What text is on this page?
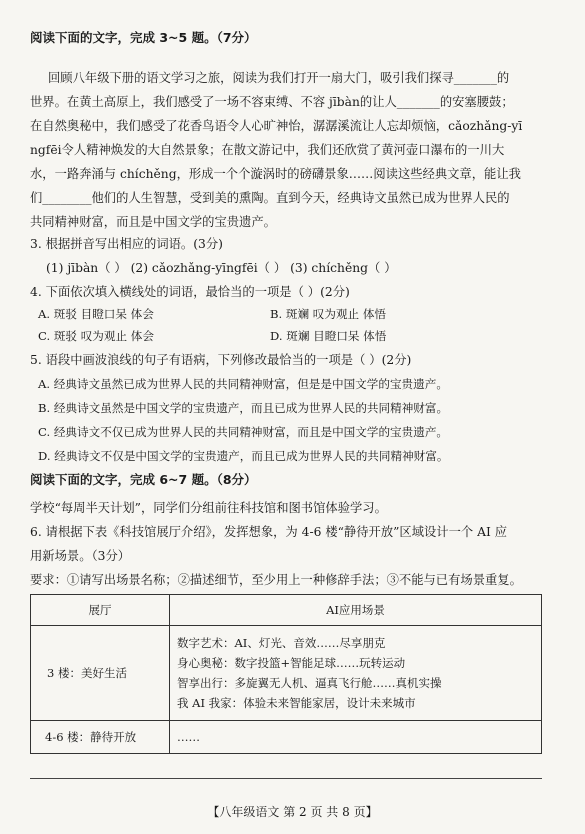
阅读下面的文字，完成 3~5 题。（7分）
回顾八年级下册的语文学习之旅，阅读为我们打开一扇大门，吸引我们探寻_______的
世界。在黄土高原上，我们感受了一场不容束缚、不容 jībàn的让人_______的安塞腰鼓；
在自然奥秘中，我们感受了花香鸟语令人心旷神怡，潺潺溪流让人忘却烦恼，cǎozhǎng-yī
ngfēi令人精神焕发的大自然景象；在散文游记中，我们还欣赏了黄河壶口瀑布的一川大
水，一路奔涌与 chíchěng，形成一个个漩涡时的磅礴景象……阅读这些经典文章，能让我
们________他们的人生智慧，受到美的熏陶。直到今天，经典诗文虽然已成为世界人民的
共同精神财富，而且是中国文学的宝贵遗产。
3. 根据拼音写出相应的词语。(3分)
(1) jībàn（ ） (2) cǎozhǎng-yīngfēi（ ） (3) chíchěng（ ）
4. 下面依次填入横线处的词语，最恰当的一项是（ ）(2分)
A. 斑驳 目瞪口呆 体会	B. 斑斓 叹为观止 体悟
C. 斑驳 叹为观止 体会	D. 斑斓 目瞪口呆 体悟
5. 语段中画波浪线的句子有语病，下列修改最恰当的一项是（ ）(2分)
A. 经典诗文虽然已成为世界人民的共同精神财富，但是是中国文学的宝贵遗产。
B. 经典诗文虽然是中国文学的宝贵遗产，而且已成为世界人民的共同精神财富。
C. 经典诗文不仅已成为世界人民的共同精神财富，而且是中国文学的宝贵遗产。
D. 经典诗文不仅是中国文学的宝贵遗产，而且已成为世界人民的共同精神财富。
阅读下面的文字，完成 6~7 题。（8分）
学校“每周半天计划”，同学们分组前往科技馆和图书馆体验学习。
6. 请根据下表《科技馆展厅介绍》，发挥想象，为 4-6 楼“静待开放”区域设计一个 AI 应
用新场景。（3分）
要求：①请写出场景名称；②描述细节，至少用上一种修辞手法；③不能与已有场景重复。
展厅	AI应用场景
3 楼：美好生活	数字艺术：AI、灯光、音效……尽享朋克
身心奥秘：数字投篮+智能足球……玩转运动
智享出行：多旋翼无人机、逼真飞行舱……真机实操
我 AI 我家：体验未来智能家居，设计未来城市

4-6 楼：静待开放	……
【八年级语文 第 2 页 共 8 页】
